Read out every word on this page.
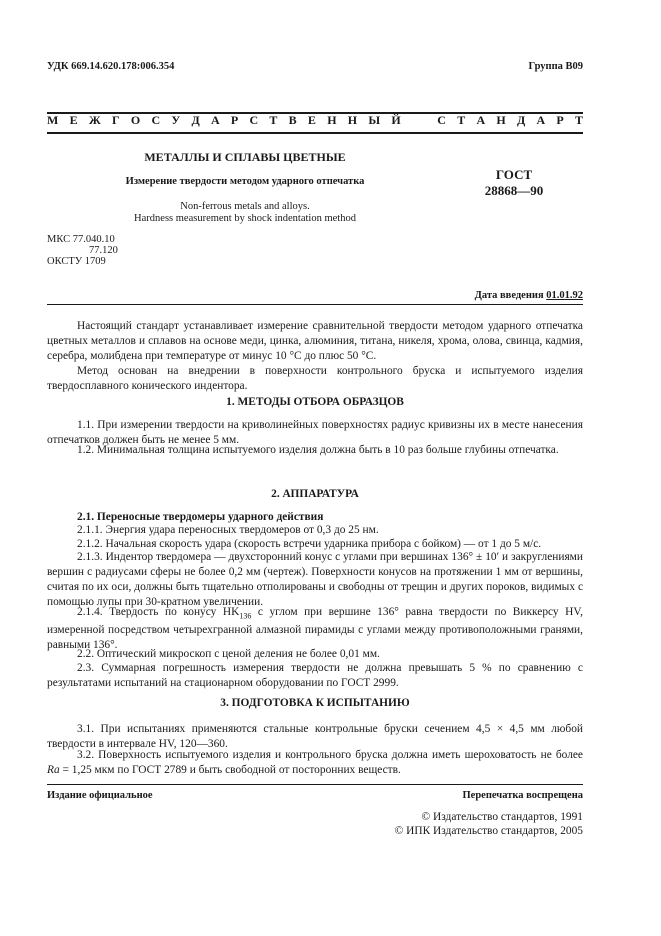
УДК 669.14.620.178:006.354	Группа В09
М Е Ж Г О С У Д А Р С Т В Е Н Н Ы Й	С Т А Н Д А Р Т
МЕТАЛЛЫ И СПЛАВЫ ЦВЕТНЫЕ
Измерение твердости методом ударного отпечатка
Non-ferrous metals and alloys.
Hardness measurement by shock indentation method
ГОСТ
28868—90
МКС 77.040.10
77.120
ОКСТУ 1709
Дата введения 01.01.92
Настоящий стандарт устанавливает измерение сравнительной твердости методом ударного отпечатка цветных металлов и сплавов на основе меди, цинка, алюминия, титана, никеля, хрома, олова, свинца, кадмия, серебра, молибдена при температуре от минус 10 °С до плюс 50 °С.
Метод основан на внедрении в поверхности контрольного бруска и испытуемого изделия твердосплавного конического индентора.
1. МЕТОДЫ ОТБОРА ОБРАЗЦОВ
1.1. При измерении твердости на криволинейных поверхностях радиус кривизны их в месте нанесения отпечатков должен быть не менее 5 мм.
1.2. Минимальная толщина испытуемого изделия должна быть в 10 раз больше глубины отпечатка.
2. АППАРАТУРА
2.1. Переносные твердомеры ударного действия
2.1.1. Энергия удара переносных твердомеров от 0,3 до 25 нм.
2.1.2. Начальная скорость удара (скорость встречи ударника прибора с бойком) — от 1 до 5 м/с.
2.1.3. Индентор твердомера — двухсторонний конус с углами при вершинах 136° ± 10′ и закруглениями вершин с радиусами сферы не более 0,2 мм (чертеж). Поверхности конусов на протяжении 1 мм от вершины, считая по их оси, должны быть тщательно отполированы и свободны от трещин и других пороков, видимых с помощью лупы при 30-кратном увеличении.
2.1.4. Твердость по конусу $HK_{136}$ с углом при вершине 136° равна твердости по Виккерсу HV, измеренной посредством четырехгранной алмазной пирамиды с углами между противоположными гранями, равными 136°.
2.2. Оптический микроскоп с ценой деления не более 0,01 мм.
2.3. Суммарная погрешность измерения твердости не должна превышать 5 % по сравнению с результатами испытаний на стационарном оборудовании по ГОСТ 2999.
3. ПОДГОТОВКА К ИСПЫТАНИЮ
3.1. При испытаниях применяются стальные контрольные бруски сечением 4,5 × 4,5 мм любой твердости в интервале HV, 120—360.
3.2. Поверхность испытуемого изделия и контрольного бруска должна иметь шероховатость не более Ra = 1,25 мкм по ГОСТ 2789 и быть свободной от посторонних веществ.
Издание официальное	Перепечатка воспрещена
© Издательство стандартов, 1991
© ИПК Издательство стандартов, 2005
